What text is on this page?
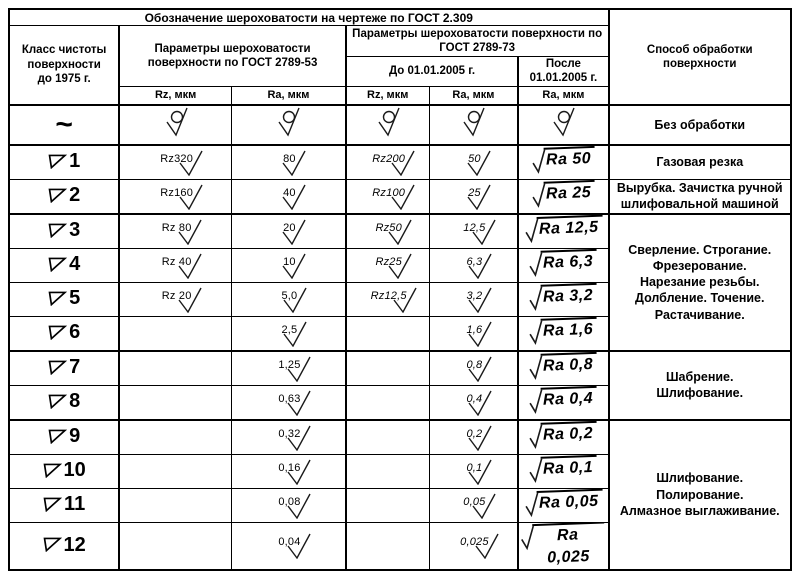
Обозначение шероховатости на чертеже по ГОСТ 2.309						Способ обработки
поверхности
Класс чистоты
поверхности
до 1975 г.	Параметры шероховатости
поверхности по ГОСТ 2789-53		Параметры шероховатости поверхности по
ГОСТ 2789-73			
			До 01.01.2005 г.		После
01.01.2005 г.	
	Rz, мкм	Ra, мкм	Rz, мкм	Ra, мкм	Ra, мкм	
~						Без обработки

1	Rz320	80	Rz200	50	Ra 50	Газовая резка

2	Rz160	40	Rz100	25	Ra 25	Вырубка. Зачистка ручной
шлифовальной машиной

3	Rz 80	20	Rz50	12,5	Ra 12,5	Сверление. Строгание.
Фрезерование.
Нарезание резьбы.
Долбление. Точение.
Растачивание.

4	Rz 40	10	Rz25	6,3	Ra 6,3	

5	Rz 20	5,0	Rz12,5	3,2	Ra 3,2	

6		2,5		1,6	Ra 1,6	

7		1,25		0,8	Ra 0,8	Шабрение.
Шлифование.

8		0,63		0,4	Ra 0,4	

9		0,32		0,2	Ra 0,2	Шлифование.
Полирование.
Алмазное выглаживание.

10		0,16		0,1	Ra 0,1	

11		0,08		0,05	Ra 0,05	

12		0,04		0,025	Ra 0,025	
